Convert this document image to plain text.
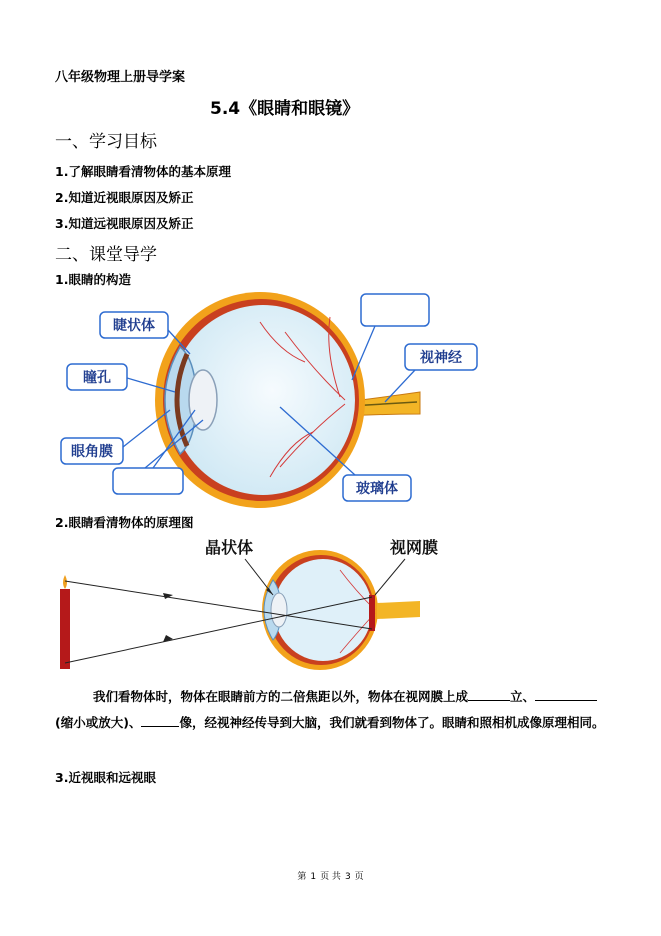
八年级物理上册导学案
5.4《眼睛和眼镜》
一、学习目标
1.了解眼睛看清物体的基本原理
2.知道近视眼原因及矫正
3.知道远视眼原因及矫正
二、课堂导学
1.眼睛的构造
睫状体
瞳孔
眼角膜
视神经
玻璃体
2.眼睛看清物体的原理图
晶状体	视网膜
我们看物体时，物体在眼睛前方的二倍焦距以外，物体在视网膜上成	立、(缩小或放大)、	像，经视神经传导到大脑，我们就看到物体了。眼睛和照相机成像原理相同。
3.近视眼和远视眼
第 1 页 共 3 页
